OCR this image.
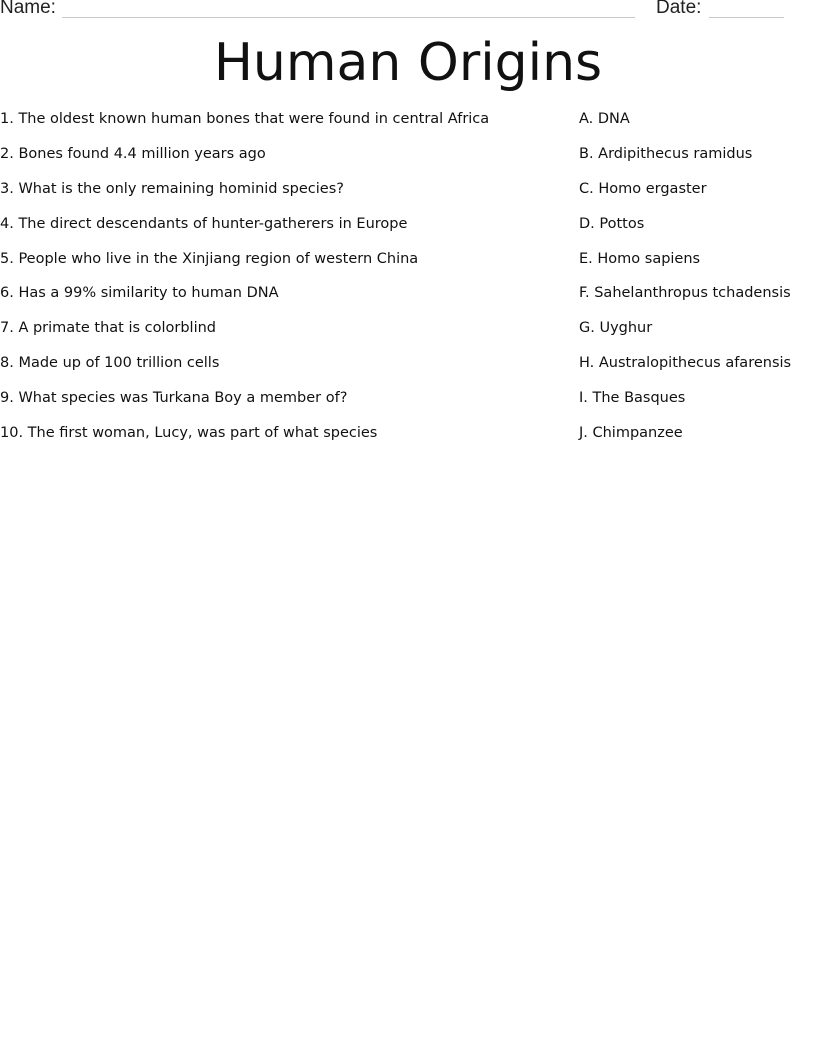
Name:	Date:
Human Origins
1. The oldest known human bones that were found in central Africa	A. DNA
2. Bones found 4.4 million years ago	B. Ardipithecus ramidus
3. What is the only remaining hominid species?	C. Homo ergaster
4. The direct descendants of hunter-gatherers in Europe	D. Pottos
5. People who live in the Xinjiang region of western China	E. Homo sapiens
6. Has a 99% similarity to human DNA	F. Sahelanthropus tchadensis
7. A primate that is colorblind	G. Uyghur
8. Made up of 100 trillion cells	H. Australopithecus afarensis
9. What species was Turkana Boy a member of?	I. The Basques
10. The first woman, Lucy, was part of what species	J. Chimpanzee
